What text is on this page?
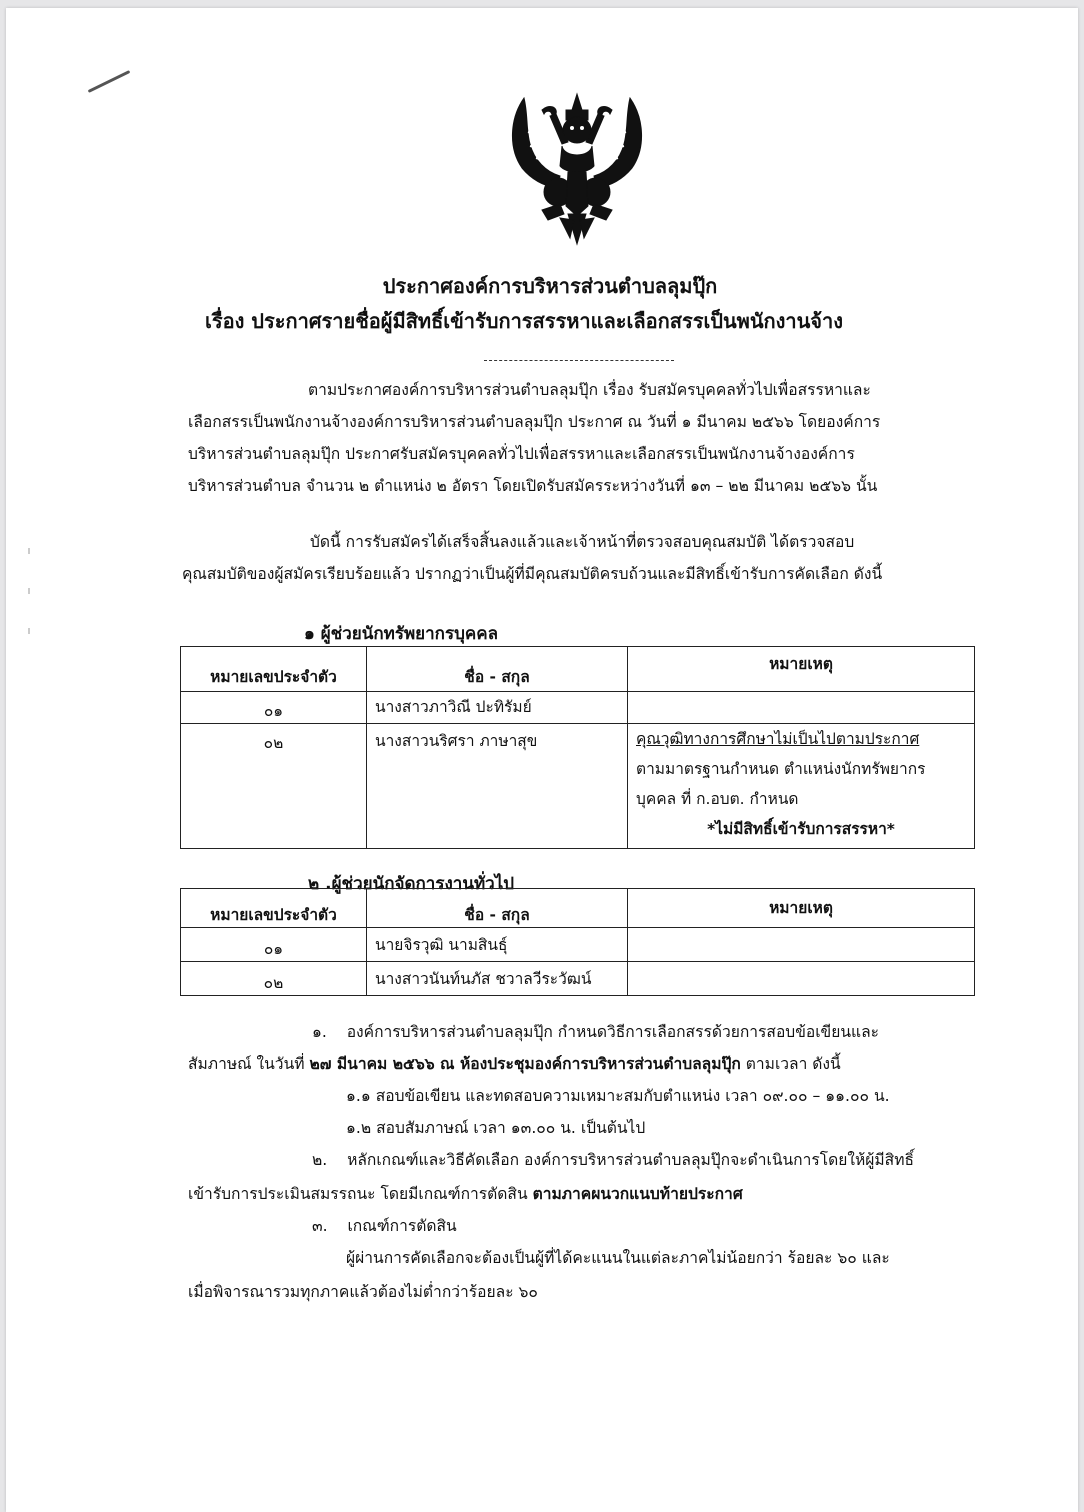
ประกาศองค์การบริหารส่วนตำบลลุมปุ๊ก
เรื่อง ประกาศรายชื่อผู้มีสิทธิ์เข้ารับการสรรหาและเลือกสรรเป็นพนักงานจ้าง
ตามประกาศองค์การบริหารส่วนตำบลลุมปุ๊ก เรื่อง รับสมัครบุคคลทั่วไปเพื่อสรรหาและ
เลือกสรรเป็นพนักงานจ้างองค์การบริหารส่วนตำบลลุมปุ๊ก ประกาศ ณ วันที่ ๑ มีนาคม ๒๕๖๖ โดยองค์การ
บริหารส่วนตำบลลุมปุ๊ก ประกาศรับสมัครบุคคลทั่วไปเพื่อสรรหาและเลือกสรรเป็นพนักงานจ้างองค์การ
บริหารส่วนตำบล จำนวน ๒ ตำแหน่ง ๒ อัตรา โดยเปิดรับสมัครระหว่างวันที่ ๑๓ – ๒๒ มีนาคม ๒๕๖๖ นั้น
บัดนี้ การรับสมัครได้เสร็จสิ้นลงแล้วและเจ้าหน้าที่ตรวจสอบคุณสมบัติ ได้ตรวจสอบ
คุณสมบัติของผู้สมัครเรียบร้อยแล้ว ปรากฏว่าเป็นผู้ที่มีคุณสมบัติครบถ้วนและมีสิทธิ์เข้ารับการคัดเลือก ดังนี้
๑ ผู้ช่วยนักทรัพยากรบุคคล
หมายเลขประจำตัว	ชื่อ - สกุล	หมายเหตุ
๐๑	นางสาวภาวิณี ปะทิรัมย์	
๐๒	นางสาวนริศรา ภาษาสุข	คุณวุฒิทางการศึกษาไม่เป็นไปตามประกาศ
ตามมาตรฐานกำหนด ตำแหน่งนักทรัพยากร
บุคคล ที่ ก.อบต. กำหนด
*ไม่มีสิทธิ์เข้ารับการสรรหา*
๒ .ผู้ช่วยนักจัดการงานทั่วไป
หมายเลขประจำตัว	ชื่อ - สกุล	หมายเหตุ
๐๑	นายจิรวุฒิ นามสินธุ์	
๐๒	นางสาวนันท์นภัส ชวาลวีระวัฒน์	
๑. องค์การบริหารส่วนตำบลลุมปุ๊ก กำหนดวิธีการเลือกสรรด้วยการสอบข้อเขียนและ
สัมภาษณ์ ในวันที่ ๒๗ มีนาคม ๒๕๖๖ ณ ห้องประชุมองค์การบริหารส่วนตำบลลุมปุ๊ก ตามเวลา ดังนี้
๑.๑ สอบข้อเขียน และทดสอบความเหมาะสมกับตำแหน่ง เวลา ๐๙.๐๐ – ๑๑.๐๐ น.
๑.๒ สอบสัมภาษณ์ เวลา ๑๓.๐๐ น. เป็นต้นไป
๒. หลักเกณฑ์และวิธีคัดเลือก องค์การบริหารส่วนตำบลลุมปุ๊กจะดำเนินการโดยให้ผู้มีสิทธิ์
เข้ารับการประเมินสมรรถนะ โดยมีเกณฑ์การตัดสิน ตามภาคผนวกแนบท้ายประกาศ
๓. เกณฑ์การตัดสิน
ผู้ผ่านการคัดเลือกจะต้องเป็นผู้ที่ได้คะแนนในแต่ละภาคไม่น้อยกว่า ร้อยละ ๖๐ และ
เมื่อพิจารณารวมทุกภาคแล้วต้องไม่ต่ำกว่าร้อยละ ๖๐
